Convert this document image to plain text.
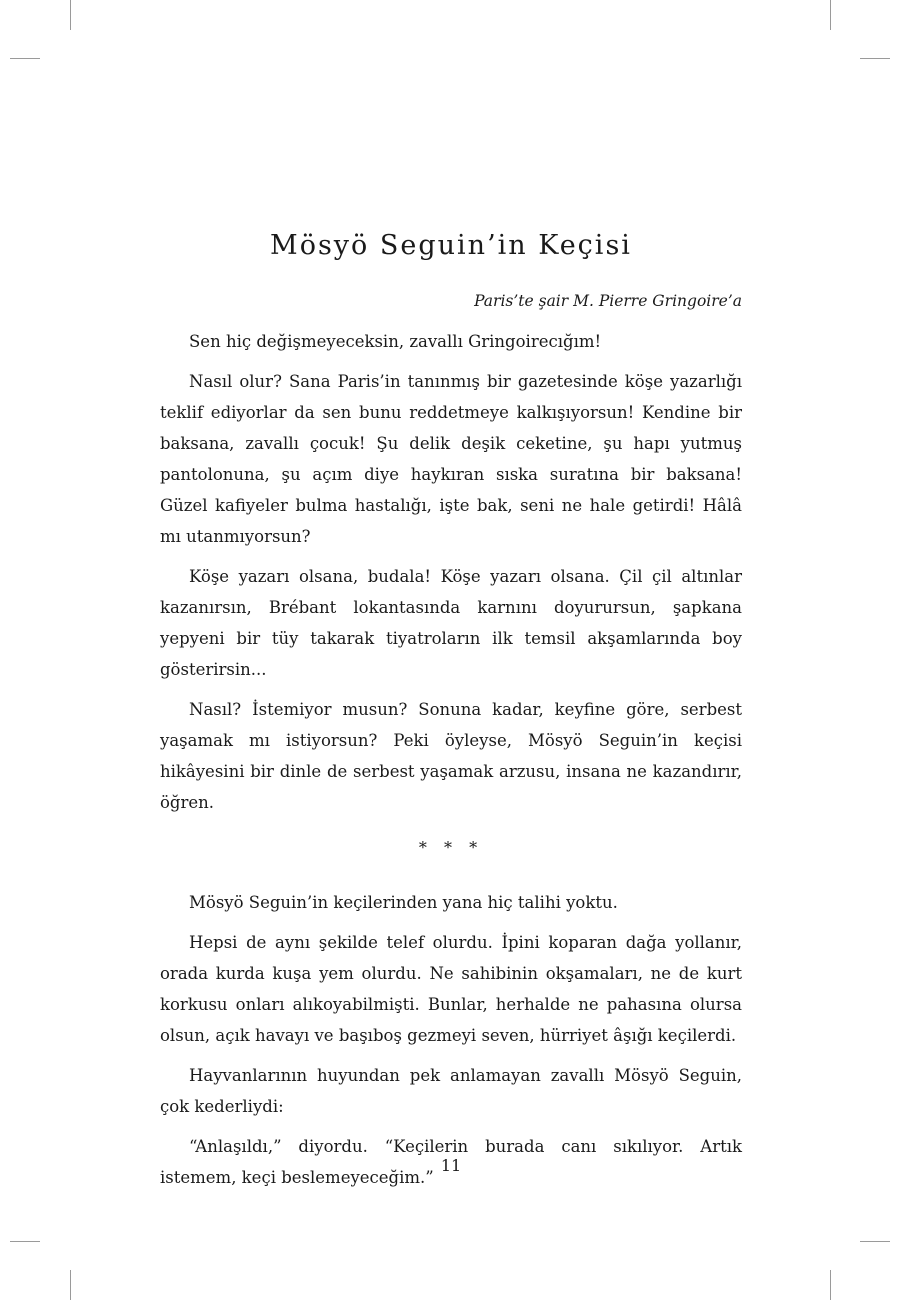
Mösyö Seguin’in Keçisi
Paris’te şair M. Pierre Gringoire’a

Sen hiç değişmeyeceksin, zavallı Gringoirecığım!

Nasıl olur? Sana Paris’in tanınmış bir gazetesinde köşe yazarlığı teklif ediyorlar da sen bunu reddetmeye kalkışıyorsun! Kendine bir baksana, zavallı çocuk! Şu delik deşik ceketine, şu hapı yutmuş pantolonuna, şu açım diye haykıran sıska suratına bir baksana! Güzel kafiyeler bulma hastalığı, işte bak, seni ne hale getirdi! Hâlâ mı utanmıyorsun?

Köşe yazarı olsana, budala! Köşe yazarı olsana. Çil çil altınlar kazanırsın, Brébant lokantasında karnını doyurursun, şapkana yepyeni bir tüy takarak tiyatroların ilk temsil akşamlarında boy gösterirsin...

Nasıl? İstemiyor musun? Sonuna kadar, keyfine göre, serbest yaşamak mı istiyorsun? Peki öyleyse, Mösyö Seguin’in keçisi hikâyesini bir dinle de serbest yaşamak arzusu, insana ne kazandırır, öğren.

* * *

Mösyö Seguin’in keçilerinden yana hiç talihi yoktu.

Hepsi de aynı şekilde telef olurdu. İpini koparan dağa yollanır, orada kurda kuşa yem olurdu. Ne sahibinin okşamaları, ne de kurt korkusu onları alıkoyabilmişti. Bunlar, herhalde ne pahasına olursa olsun, açık havayı ve başıboş gezmeyi seven, hürriyet âşığı keçilerdi.

Hayvanlarının huyundan pek anlamayan zavallı Mösyö Seguin, çok kederliydi:

“Anlaşıldı,” diyordu. “Keçilerin burada canı sıkılıyor. Artık istemem, keçi beslemeyeceğim.”

11
